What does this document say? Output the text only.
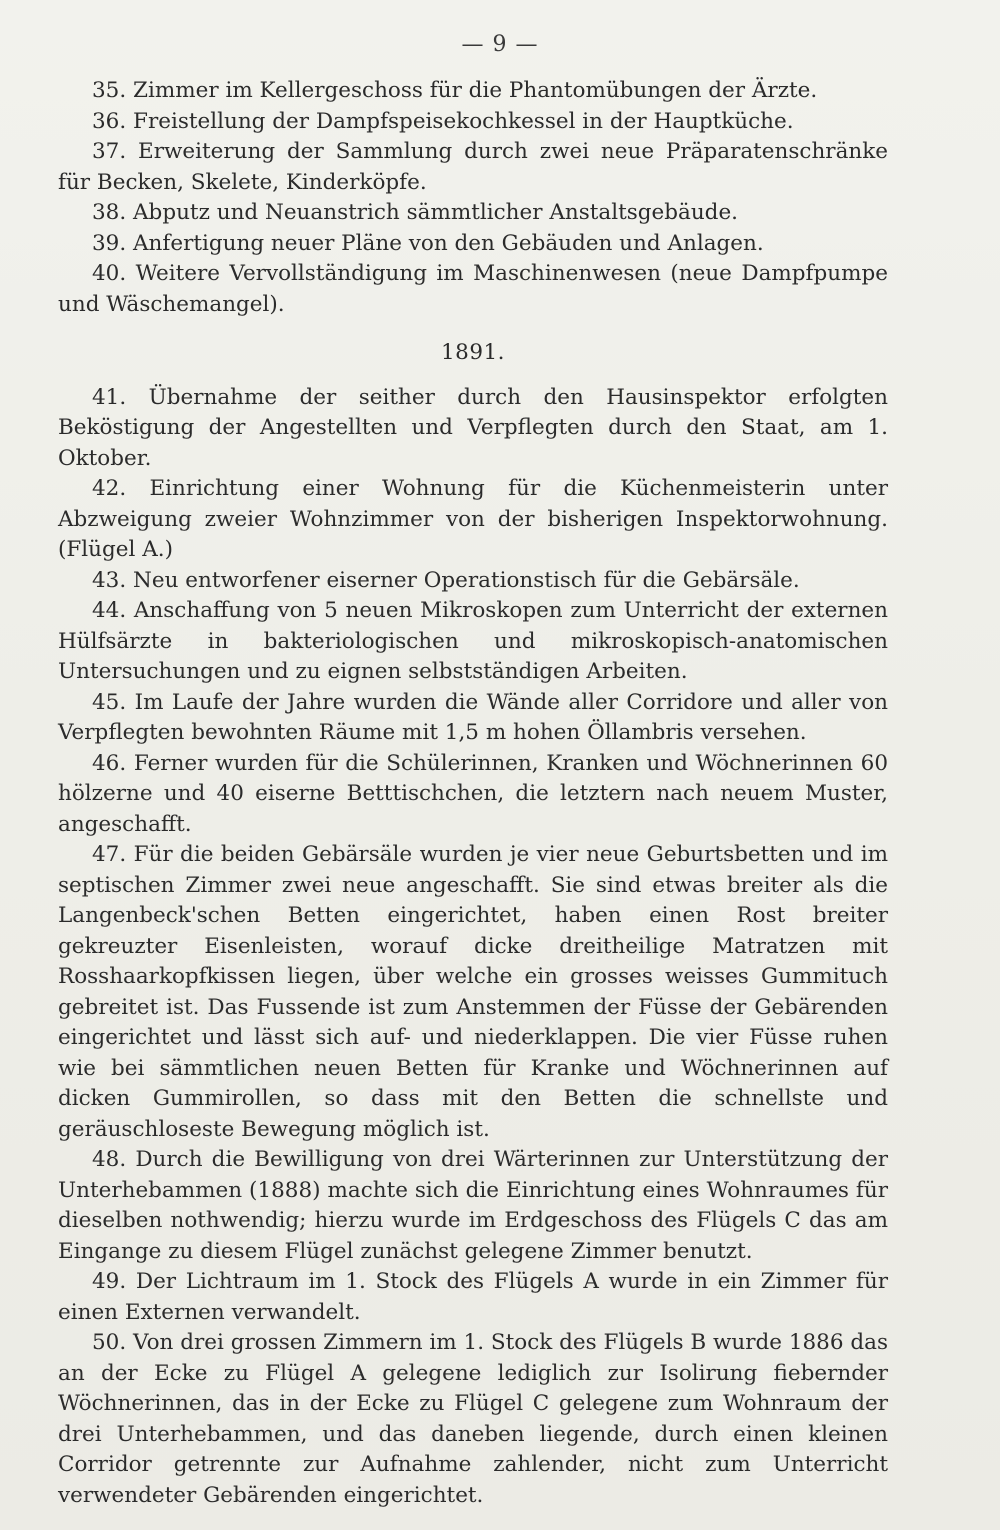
— 9 —

35. Zimmer im Kellergeschoss für die Phantomübungen der Ärzte.

36. Freistellung der Dampfspeisekochkessel in der Hauptküche.

37. Erweiterung der Sammlung durch zwei neue Präparatenschränke für Becken, Skelete, Kinderköpfe.

38. Abputz und Neuanstrich sämmtlicher Anstaltsgebäude.

39. Anfertigung neuer Pläne von den Gebäuden und Anlagen.

40. Weitere Vervollständigung im Maschinenwesen (neue Dampfpumpe und Wäschemangel).

1891.

41. Übernahme der seither durch den Hausinspektor erfolgten Beköstigung der Angestellten und Verpflegten durch den Staat, am 1. Oktober.

42. Einrichtung einer Wohnung für die Küchenmeisterin unter Abzweigung zweier Wohnzimmer von der bisherigen Inspektorwohnung. (Flügel A.)

43. Neu entworfener eiserner Operationstisch für die Gebärsäle.

44. Anschaffung von 5 neuen Mikroskopen zum Unterricht der externen Hülfsärzte in bakteriologischen und mikroskopisch-anatomischen Untersuchungen und zu eignen selbstständigen Arbeiten.

45. Im Laufe der Jahre wurden die Wände aller Corridore und aller von Verpflegten bewohnten Räume mit 1,5 m hohen Öllambris versehen.

46. Ferner wurden für die Schülerinnen, Kranken und Wöchnerinnen 60 hölzerne und 40 eiserne Betttischchen, die letztern nach neuem Muster, angeschafft.

47. Für die beiden Gebärsäle wurden je vier neue Geburtsbetten und im septischen Zimmer zwei neue angeschafft. Sie sind etwas breiter als die Langenbeck'schen Betten eingerichtet, haben einen Rost breiter gekreuzter Eisenleisten, worauf dicke dreitheilige Matratzen mit Rosshaarkopfkissen liegen, über welche ein grosses weisses Gummituch gebreitet ist. Das Fussende ist zum Anstemmen der Füsse der Gebärenden eingerichtet und lässt sich auf- und niederklappen. Die vier Füsse ruhen wie bei sämmtlichen neuen Betten für Kranke und Wöchnerinnen auf dicken Gummirollen, so dass mit den Betten die schnellste und geräuschloseste Bewegung möglich ist.

48. Durch die Bewilligung von drei Wärterinnen zur Unterstützung der Unterhebammen (1888) machte sich die Einrichtung eines Wohnraumes für dieselben nothwendig; hierzu wurde im Erdgeschoss des Flügels C das am Eingange zu diesem Flügel zunächst gelegene Zimmer benutzt.

49. Der Lichtraum im 1. Stock des Flügels A wurde in ein Zimmer für einen Externen verwandelt.

50. Von drei grossen Zimmern im 1. Stock des Flügels B wurde 1886 das an der Ecke zu Flügel A gelegene lediglich zur Isolirung fiebernder Wöchnerinnen, das in der Ecke zu Flügel C gelegene zum Wohnraum der drei Unterhebammen, und das daneben liegende, durch einen kleinen Corridor getrennte zur Aufnahme zahlender, nicht zum Unterricht verwendeter Gebärenden eingerichtet.
